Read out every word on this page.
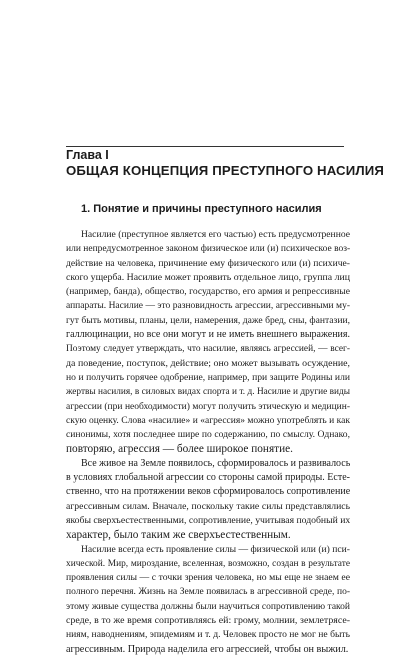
Глава I
ОБЩАЯ КОНЦЕПЦИЯ ПРЕСТУПНОГО НАСИЛИЯ
1. Понятие и причины преступного насилия
Насилие (преступное является его частью) есть предусмотренное
или непредусмотренное законом физическое или (и) психическое воз-
действие на человека, причинение ему физического или (и) психиче-
ского ущерба. Насилие может проявить отдельное лицо, группа лиц
(например, банда), общество, государство, его армия и репрессивные
аппараты. Насилие — это разновидность агрессии, агрессивными му-
гут быть мотивы, планы, цели, намерения, даже бред, сны, фантазии,
галлюцинации, но все они могут и не иметь внешнего выражения.
Поэтому следует утверждать, что насилие, являясь агрессией, — всег-
да поведение, поступок, действие; оно может вызывать осуждение,
но и получить горячее одобрение, например, при защите Родины или
жертвы насилия, в силовых видах спорта и т. д. Насилие и другие виды
агрессии (при необходимости) могут получить этическую и медицин-
скую оценку. Слова «насилие» и «агрессия» можно употреблять и как
синонимы, хотя последнее шире по содержанию, по смыслу. Однако,
повторяю, агрессия — более широкое понятие.
Все живое на Земле появилось, сформировалось и развивалось
в условиях глобальной агрессии со стороны самой природы. Есте-
ственно, что на протяжении веков сформировалось сопротивление
агрессивным силам. Вначале, поскольку такие силы представлялись
якобы сверхъестественными, сопротивление, учитывая подобный их
характер, было таким же сверхъестественным.
Насилие всегда есть проявление силы — физической или (и) пси-
хической. Мир, мироздание, вселенная, возможно, создан в результате
проявления силы — с точки зрения человека, но мы еще не знаем ее
полного перечня. Жизнь на Земле появилась в агрессивной среде, по-
этому живые существа должны были научиться сопротивлению такой
среде, в то же время сопротивляясь ей: грому, молнии, землетрясе-
ниям, наводнениям, эпидемиям и т. д. Человек просто не мог не быть
агрессивным. Природа наделила его агрессией, чтобы он выжил.
